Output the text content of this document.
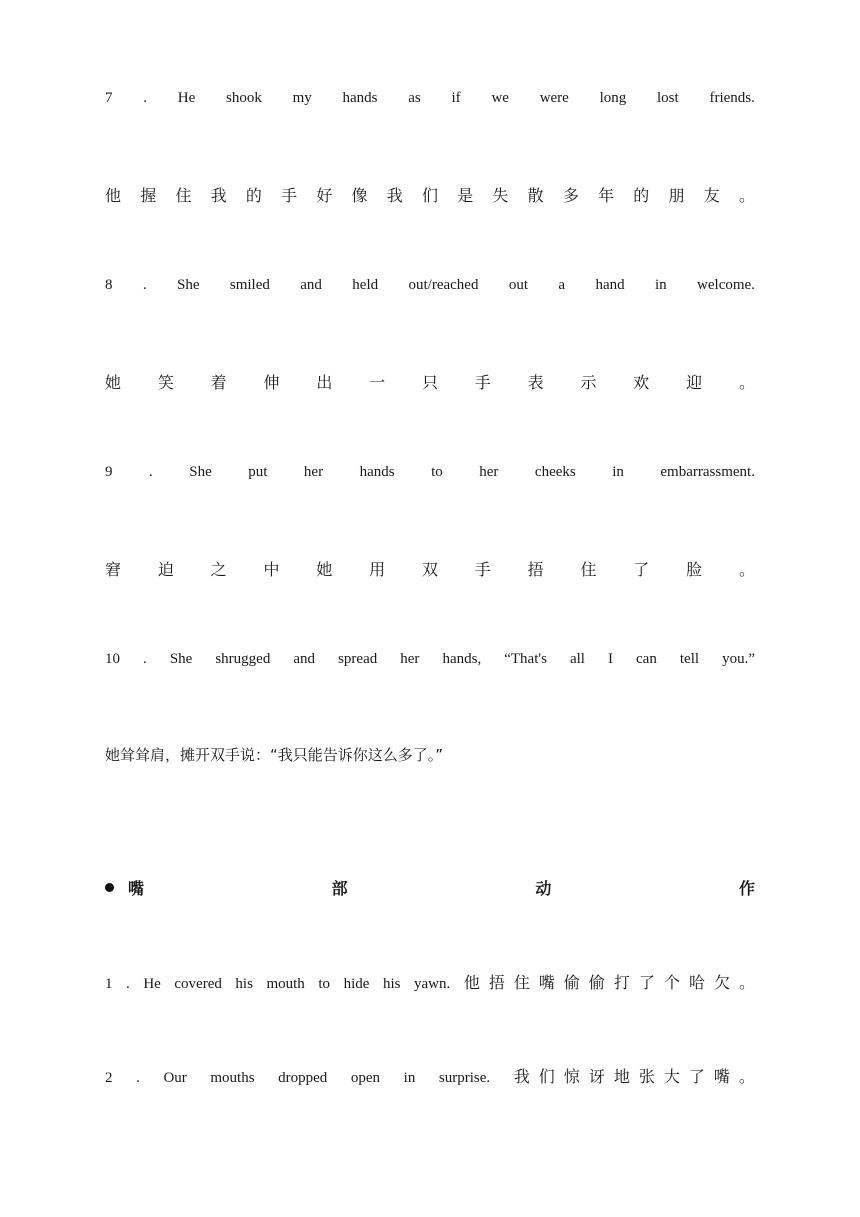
7 . He shook my hands as if we were long lost friends.
他 握 住 我 的 手 好 像 我 们 是 失 散 多 年 的 朋 友 。
8 . She smiled and held out/reached out a hand in welcome.
她 笑 着 伸 出 一 只 手 表 示 欢 迎 。
9 . She put her hands to her cheeks in embarrassment.
窘 迫 之 中 她 用 双 手 捂 住 了 脸 。
10 . She shrugged and spread her hands, “That's all I can tell you.”
她耸耸肩，摊开双手说：“我只能告诉你这么多了。”
嘴	部	动	作
1 . He covered his mouth to hide his yawn. 他 捂 住 嘴 偷 偷 打 了 个 哈 欠 。
2 . Our mouths dropped open in surprise. 我 们 惊 讶 地 张 大 了 嘴 。
